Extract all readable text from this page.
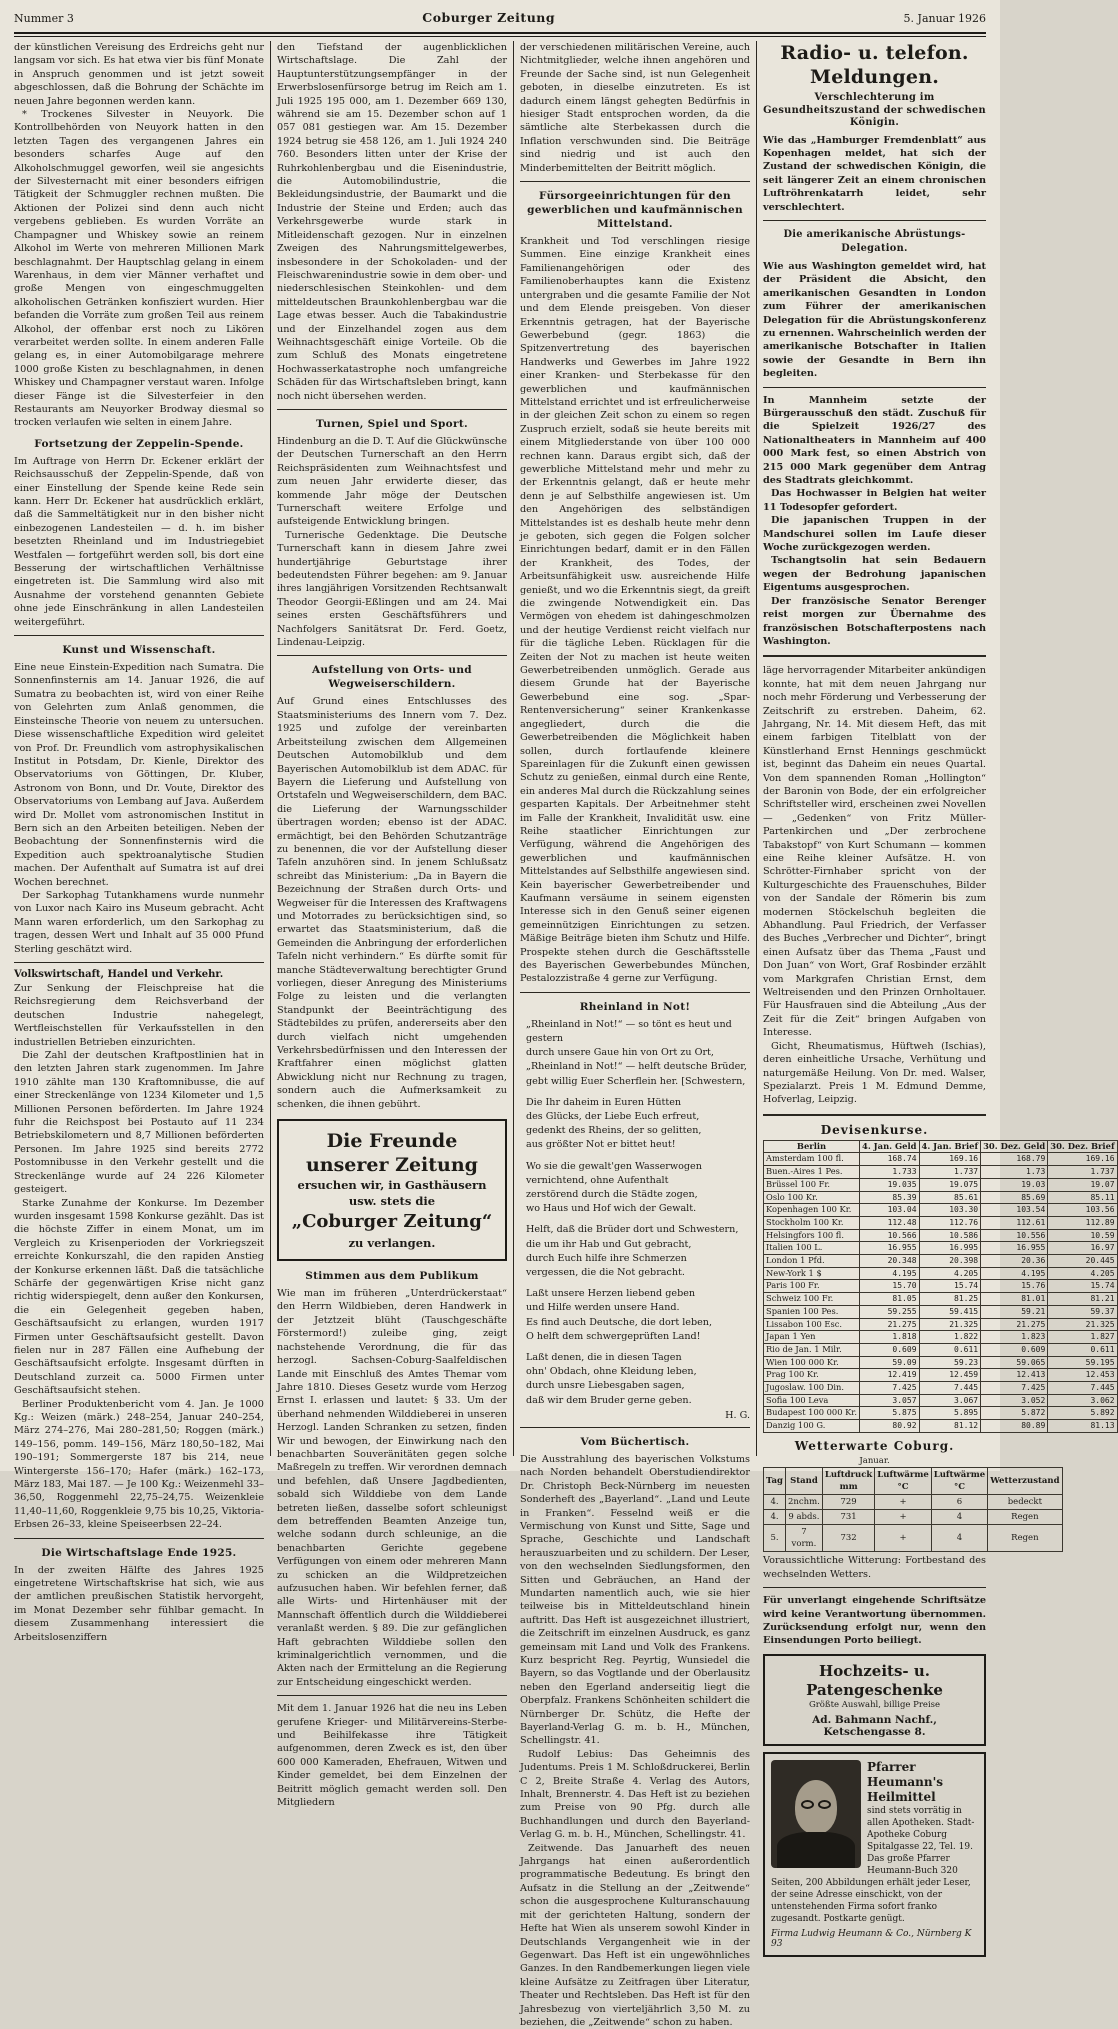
Nummer 3	Coburger Zeitung	5. Januar 1926

der künstlichen Vereisung des Erdreichs geht nur langsam vor sich. Es hat etwa vier bis fünf Monate in Anspruch genommen und ist jetzt soweit abgeschlossen, daß die Bohrung der Schächte im neuen Jahre begonnen werden kann.

* Trockenes Silvester in Neuyork. Die Kontrollbehörden von Neuyork hatten in den letzten Tagen des vergangenen Jahres ein besonders scharfes Auge auf den Alkoholschmuggel geworfen, weil sie angesichts der Silvesternacht mit einer besonders eifrigen Tätigkeit der Schmuggler rechnen mußten. Die Aktionen der Polizei sind denn auch nicht vergebens geblieben. Es wurden Vorräte an Champagner und Whiskey sowie an reinem Alkohol im Werte von mehreren Millionen Mark beschlagnahmt. Der Hauptschlag gelang in einem Warenhaus, in dem vier Männer verhaftet und große Mengen von eingeschmuggelten alkoholischen Getränken konfisziert wurden. Hier befanden die Vorräte zum großen Teil aus reinem Alkohol, der offenbar erst noch zu Likören verarbeitet werden sollte. In einem anderen Falle gelang es, in einer Automobilgarage mehrere 1000 große Kisten zu beschlagnahmen, in denen Whiskey und Champagner verstaut waren. Infolge dieser Fänge ist die Silvesterfeier in den Restaurants am Neuyorker Brodway diesmal so trocken verlaufen wie selten in einem Jahre.

Fortsetzung der Zeppelin-Spende.

Im Auftrage von Herrn Dr. Eckener erklärt der Reichsausschuß der Zeppelin-Spende, daß von einer Einstellung der Spende keine Rede sein kann. Herr Dr. Eckener hat ausdrücklich erklärt, daß die Sammeltätigkeit nur in den bisher nicht einbezogenen Landesteilen — d. h. im bisher besetzten Rheinland und im Industriegebiet Westfalen — fortgeführt werden soll, bis dort eine Besserung der wirtschaftlichen Verhältnisse eingetreten ist. Die Sammlung wird also mit Ausnahme der vorstehend genannten Gebiete ohne jede Einschränkung in allen Landesteilen weitergeführt.

Kunst und Wissenschaft.

Eine neue Einstein-Expedition nach Sumatra. Die Sonnenfinsternis am 14. Januar 1926, die auf Sumatra zu beobachten ist, wird von einer Reihe von Gelehrten zum Anlaß genommen, die Einsteinsche Theorie von neuem zu untersuchen. Diese wissenschaftliche Expedition wird geleitet von Prof. Dr. Freundlich vom astrophysikalischen Institut in Potsdam, Dr. Kienle, Direktor des Observatoriums von Göttingen, Dr. Kluber, Astronom von Bonn, und Dr. Voute, Direktor des Observatoriums von Lembang auf Java. Außerdem wird Dr. Mollet vom astronomischen Institut in Bern sich an den Arbeiten beteiligen. Neben der Beobachtung der Sonnenfinsternis wird die Expedition auch spektroanalytische Studien machen. Der Aufenthalt auf Sumatra ist auf drei Wochen berechnet.

Der Sarkophag Tutankhamens wurde nunmehr von Luxor nach Kairo ins Museum gebracht. Acht Mann waren erforderlich, um den Sarkophag zu tragen, dessen Wert und Inhalt auf 35 000 Pfund Sterling geschätzt wird.

Volkswirtschaft, Handel und Verkehr.

Zur Senkung der Fleischpreise hat die Reichsregierung dem Reichsverband der deutschen Industrie nahegelegt, Wertfleischstellen für Verkaufsstellen in den industriellen Betrieben einzurichten.

Die Zahl der deutschen Kraftpostlinien hat in den letzten Jahren stark zugenommen. Im Jahre 1910 zählte man 130 Kraftomnibusse, die auf einer Streckenlänge von 1234 Kilometer und 1,5 Millionen Personen beförderten. Im Jahre 1924 fuhr die Reichspost bei Postauto auf 11 234 Betriebskilometern und 8,7 Millionen beförderten Personen. Im Jahre 1925 sind bereits 2772 Postomnibusse in den Verkehr gestellt und die Streckenlänge wurde auf 24 226 Kilometer gesteigert.

Starke Zunahme der Konkurse. Im Dezember wurden insgesamt 1598 Konkurse gezählt. Das ist die höchste Ziffer in einem Monat, um im Vergleich zu Krisenperioden der Vorkriegszeit erreichte Konkurszahl, die den rapiden Anstieg der Konkurse erkennen läßt. Daß die tatsächliche Schärfe der gegenwärtigen Krise nicht ganz richtig widerspiegelt, denn außer den Konkursen, die ein Gelegenheit gegeben haben, Geschäftsaufsicht zu erlangen, wurden 1917 Firmen unter Geschäftsaufsicht gestellt. Davon fielen nur in 287 Fällen eine Aufhebung der Geschäftsaufsicht erfolgte. Insgesamt dürften in Deutschland zurzeit ca. 5000 Firmen unter Geschäftsaufsicht stehen.

Berliner Produktenbericht vom 4. Jan. Je 1000 Kg.: Weizen (märk.) 248–254, Januar 240–254, März 274–276, Mai 280–281,50; Roggen (märk.) 149–156, pomm. 149–156, März 180,50–182, Mai 190–191; Sommergerste 187 bis 214, neue Wintergerste 156–170; Hafer (märk.) 162–173, März 183, Mai 187. — Je 100 Kg.: Weizenmehl 33–36,50, Roggenmehl 22,75–24,75. Weizenkleie 11,40–11,60, Roggenkleie 9,75 bis 10,25, Viktoria-Erbsen 26–33, kleine Speiseerbsen 22–24.

Die Wirtschaftslage Ende 1925.

In der zweiten Hälfte des Jahres 1925 eingetretene Wirtschaftskrise hat sich, wie aus der amtlichen preußischen Statistik hervorgeht, im Monat Dezember sehr fühlbar gemacht. In diesem Zusammenhang interessiert die Arbeitslosenziffern

den Tiefstand der augenblicklichen Wirtschaftslage. Die Zahl der Hauptunterstützungsempfänger in der Erwerbslosenfürsorge betrug im Reich am 1. Juli 1925 195 000, am 1. Dezember 669 130, während sie am 15. Dezember schon auf 1 057 081 gestiegen war. Am 15. Dezember 1924 betrug sie 458 126, am 1. Juli 1924 240 760. Besonders litten unter der Krise der Ruhrkohlenbergbau und die Eisenindustrie, die Automobilindustrie, die Bekleidungsindustrie, der Baumarkt und die Industrie der Steine und Erden; auch das Verkehrsgewerbe wurde stark in Mitleidenschaft gezogen. Nur in einzelnen Zweigen des Nahrungsmittelgewerbes, insbesondere in der Schokoladen- und der Fleischwarenindustrie sowie in dem ober- und niederschlesischen Steinkohlen- und dem mitteldeutschen Braunkohlenbergbau war die Lage etwas besser. Auch die Tabakindustrie und der Einzelhandel zogen aus dem Weihnachtsgeschäft einige Vorteile. Ob die zum Schluß des Monats eingetretene Hochwasserkatastrophe noch umfangreiche Schäden für das Wirtschaftsleben bringt, kann noch nicht übersehen werden.

Turnen, Spiel und Sport.

Hindenburg an die D. T. Auf die Glückwünsche der Deutschen Turnerschaft an den Herrn Reichspräsidenten zum Weihnachtsfest und zum neuen Jahr erwiderte dieser, das kommende Jahr möge der Deutschen Turnerschaft weitere Erfolge und aufsteigende Entwicklung bringen.

Turnerische Gedenktage. Die Deutsche Turnerschaft kann in diesem Jahre zwei hundertjährige Geburtstage ihrer bedeutendsten Führer begehen: am 9. Januar ihres langjährigen Vorsitzenden Rechtsanwalt Theodor Georgii-Eßlingen und am 24. Mai seines ersten Geschäftsführers und Nachfolgers Sanitätsrat Dr. Ferd. Goetz, Lindenau-Leipzig.

Aufstellung von Orts- und Wegweiserschildern.

Auf Grund eines Entschlusses des Staatsministeriums des Innern vom 7. Dez. 1925 und zufolge der vereinbarten Arbeitsteilung zwischen dem Allgemeinen Deutschen Automobilklub und dem Bayerischen Automobilklub ist dem ADAC. für Bayern die Lieferung und Aufstellung von Ortstafeln und Wegweiserschildern, dem BAC. die Lieferung der Warnungsschilder übertragen worden; ebenso ist der ADAC. ermächtigt, bei den Behörden Schutzanträge zu benennen, die vor der Aufstellung dieser Tafeln anzuhören sind. In jenem Schlußsatz schreibt das Ministerium: „Da in Bayern die Bezeichnung der Straßen durch Orts- und Wegweiser für die Interessen des Kraftwagens und Motorrades zu berücksichtigen sind, so erwartet das Staatsministerium, daß die Gemeinden die Anbringung der erforderlichen Tafeln nicht verhindern.“ Es dürfte somit für manche Städteverwaltung berechtigter Grund vorliegen, dieser Anregung des Ministeriums Folge zu leisten und die verlangten Standpunkt der Beeinträchtigung des Städtebildes zu prüfen, andererseits aber den durch vielfach nicht umgehenden Verkehrsbedürfnissen und den Interessen der Kraftfahrer einen möglichst glatten Abwicklung nicht nur Rechnung zu tragen, sondern auch die Aufmerksamkeit zu schenken, die ihnen gebührt.

Die Freunde unserer Zeitung
ersuchen wir, in Gasthäusern usw. stets die
„Coburger Zeitung“
zu verlangen.
Stimmen aus dem Publikum

Wie man im früheren „Unterdrückerstaat“ den Herrn Wildbieben, deren Handwerk in der Jetztzeit blüht (Tauschgeschäfte Förstermord!) zuleibe ging, zeigt nachstehende Verordnung, die für das herzogl. Sachsen-Coburg-Saalfeldischen Lande mit Einschluß des Amtes Themar vom Jahre 1810. Dieses Gesetz wurde vom Herzog Ernst I. erlassen und lautet: § 33. Um der überhand nehmenden Wilddieberei in unseren Herzogl. Landen Schranken zu setzen, finden Wir und bewogen, der Einwirkung nach den benachbarten Souveränitäten gegen solche Maßregeln zu treffen. Wir verordnen demnach und befehlen, daß Unsere Jagdbedienten, sobald sich Wilddiebe von dem Lande betreten ließen, dasselbe sofort schleunigst dem betreffenden Beamten Anzeige tun, welche sodann durch schleunige, an die benachbarten Gerichte gegebene Verfügungen von einem oder mehreren Mann zu schicken an die Wildpretzeichen aufzusuchen haben. Wir befehlen ferner, daß alle Wirts- und Hirtenhäuser mit der Mannschaft öffentlich durch die Wilddieberei veranlaßt werden. § 89. Die zur gefänglichen Haft gebrachten Wilddiebe sollen den kriminalgerichtlich vernommen, und die Akten nach der Ermittelung an die Regierung zur Entscheidung eingeschickt werden.

Mit dem 1. Januar 1926 hat die neu ins Leben gerufene Krieger- und Militärvereins-Sterbe- und Beihilfekasse ihre Tätigkeit aufgenommen, deren Zweck es ist, den über 600 000 Kameraden, Ehefrauen, Witwen und Kinder gemeldet, bei dem Einzelnen der Beitritt möglich gemacht werden soll. Den Mitgliedern

der verschiedenen militärischen Vereine, auch Nichtmitglieder, welche ihnen angehören und Freunde der Sache sind, ist nun Gelegenheit geboten, in dieselbe einzutreten. Es ist dadurch einem längst gehegten Bedürfnis in hiesiger Stadt entsprochen worden, da die sämtliche alte Sterbekassen durch die Inflation verschwunden sind. Die Beiträge sind niedrig und ist auch den Minderbemittelten der Beitritt möglich.

Fürsorgeeinrichtungen für den gewerblichen und kaufmännischen Mittelstand.

Krankheit und Tod verschlingen riesige Summen. Eine einzige Krankheit eines Familienangehörigen oder des Familienoberhauptes kann die Existenz untergraben und die gesamte Familie der Not und dem Elende preisgeben. Von dieser Erkenntnis getragen, hat der Bayerische Gewerbebund (gegr. 1863) die Spitzenvertretung des bayerischen Handwerks und Gewerbes im Jahre 1922 einer Kranken- und Sterbekasse für den gewerblichen und kaufmännischen Mittelstand errichtet und ist erfreulicherweise in der gleichen Zeit schon zu einem so regen Zuspruch erzielt, sodaß sie heute bereits mit einem Mitgliederstande von über 100 000 rechnen kann. Daraus ergibt sich, daß der gewerbliche Mittelstand mehr und mehr zu der Erkenntnis gelangt, daß er heute mehr denn je auf Selbsthilfe angewiesen ist. Um den Angehörigen des selbständigen Mittelstandes ist es deshalb heute mehr denn je geboten, sich gegen die Folgen solcher Einrichtungen bedarf, damit er in den Fällen der Krankheit, des Todes, der Arbeitsunfähigkeit usw. ausreichende Hilfe genießt, und wo die Erkenntnis siegt, da greift die zwingende Notwendigkeit ein. Das Vermögen von ehedem ist dahingeschmolzen und der heutige Verdienst reicht vielfach nur für die tägliche Leben. Rücklagen für die Zeiten der Not zu machen ist heute weiten Gewerbetreibenden unmöglich. Gerade aus diesem Grunde hat der Bayerische Gewerbebund eine sog. „Spar-Rentenversicherung“ seiner Krankenkasse angegliedert, durch die die Gewerbetreibenden die Möglichkeit haben sollen, durch fortlaufende kleinere Spareinlagen für die Zukunft einen gewissen Schutz zu genießen, einmal durch eine Rente, ein anderes Mal durch die Rückzahlung seines gesparten Kapitals. Der Arbeitnehmer steht im Falle der Krankheit, Invalidität usw. eine Reihe staatlicher Einrichtungen zur Verfügung, während die Angehörigen des gewerblichen und kaufmännischen Mittelstandes auf Selbsthilfe angewiesen sind. Kein bayerischer Gewerbetreibender und Kaufmann versäume in seinem eigensten Interesse sich in den Genuß seiner eigenen gemeinnützigen Einrichtungen zu setzen. Mäßige Beiträge bieten ihm Schutz und Hilfe. Prospekte stehen durch die Geschäftsstelle des Bayerischen Gewerbebundes München, Pestalozzistraße 4 gerne zur Verfügung.

Rheinland in Not!
„Rheinland in Not!“ — so tönt es heut und gestern
durch unsere Gaue hin von Ort zu Ort,
„Rheinland in Not!“ — helft deutsche Brüder,
gebt willig Euer Scherflein her. [Schwestern,
Die Ihr daheim in Euren Hütten
des Glücks, der Liebe Euch erfreut,
gedenkt des Rheins, der so gelitten,
aus größter Not er bittet heut!
Wo sie die gewalt'gen Wasserwogen
vernichtend, ohne Aufenthalt
zerstörend durch die Städte zogen,
wo Haus und Hof wich der Gewalt.
Helft, daß die Brüder dort und Schwestern,
die um ihr Hab und Gut gebracht,
durch Euch hilfe ihre Schmerzen
vergessen, die die Not gebracht.
Laßt unsere Herzen liebend geben
und Hilfe werden unsere Hand.
Es find auch Deutsche, die dort leben,
O helft dem schwergeprüften Land!
Laßt denen, die in diesen Tagen
ohn' Obdach, ohne Kleidung leben,
durch unsre Liebesgaben sagen,
daß wir dem Bruder gerne geben.
H. G.
Vom Büchertisch.

Die Ausstrahlung des bayerischen Volkstums nach Norden behandelt Oberstudiendirektor Dr. Christoph Beck-Nürnberg im neuesten Sonderheft des „Bayerland“. „Land und Leute in Franken“. Fesselnd weiß er die Vermischung von Kunst und Sitte, Sage und Sprache, Geschichte und Landschaft herauszuarbeiten und zu schildern. Der Leser, von den wechselnden Siedlungsformen, den Sitten und Gebräuchen, an Hand der Mundarten namentlich auch, wie sie hier teilweise bis in Mitteldeutschland hinein auftritt. Das Heft ist ausgezeichnet illustriert, die Zeitschrift im einzelnen Ausdruck, es ganz gemeinsam mit Land und Volk des Frankens. Kurz bespricht Reg. Peyrtig, Wunsiedel die Bayern, so das Vogtlande und der Oberlausitz neben den Egerland anderseitig liegt die Oberpfalz. Frankens Schönheiten schildert die Nürnberger Dr. Schütz, die Hefte der Bayerland-Verlag G. m. b. H., München, Schellingstr. 41.

Rudolf Lebius: Das Geheimnis des Judentums. Preis 1 M. Schloßdruckerei, Berlin C 2, Breite Straße 4. Verlag des Autors, Inhalt, Brennerstr. 4. Das Heft ist zu beziehen zum Preise von 90 Pfg. durch alle Buchhandlungen und durch den Bayerland-Verlag G. m. b. H., München, Schellingstr. 41.

Zeitwende. Das Januarheft des neuen Jahrgangs hat einen außerordentlich programmatische Bedeutung. Es bringt den Aufsatz in die Stellung an der „Zeitwende“ schon die ausgesprochene Kulturanschauung mit der gerichteten Haltung, sondern der Hefte hat Wien als unserem sowohl Kinder in Deutschlands Vergangenheit wie in der Gegenwart. Das Heft ist ein ungewöhnliches Ganzes. In den Randbemerkungen liegen viele kleine Aufsätze zu Zeitfragen über Literatur, Theater und Rechtsleben. Das Heft ist für den Jahresbezug von vierteljährlich 3,50 M. zu beziehen, die „Zeitwende“ schon zu haben.

Radio- u. telefon. Meldungen.
Verschlechterung im Gesundheitszustand der schwedischen Königin.

Wie das „Hamburger Fremdenblatt“ aus Kopenhagen meldet, hat sich der Zustand der schwedischen Königin, die seit längerer Zeit an einem chronischen Luftröhrenkatarrh leidet, sehr verschlechtert.

Die amerikanische Abrüstungs-Delegation.

Wie aus Washington gemeldet wird, hat der Präsident die Absicht, den amerikanischen Gesandten in London zum Führer der amerikanischen Delegation für die Abrüstungskonferenz zu ernennen. Wahrscheinlich werden der amerikanische Botschafter in Italien sowie der Gesandte in Bern ihn begleiten.

In Mannheim setzte der Bürgerausschuß den städt. Zuschuß für die Spielzeit 1926/27 des Nationaltheaters in Mannheim auf 400 000 Mark fest, so einen Abstrich von 215 000 Mark gegenüber dem Antrag des Stadtrats gleichkommt.

Das Hochwasser in Belgien hat weiter 11 Todesopfer gefordert.

Die japanischen Truppen in der Mandschurei sollen im Laufe dieser Woche zurückgezogen werden.

Tschangtsolin hat sein Bedauern wegen der Bedrohung japanischen Eigentums ausgesprochen.

Der französische Senator Berenger reist morgen zur Übernahme des französischen Botschafterpostens nach Washington.

läge hervorragender Mitarbeiter ankündigen konnte, hat mit dem neuen Jahrgang nur noch mehr Förderung und Verbesserung der Zeitschrift zu erstreben. Daheim, 62. Jahrgang, Nr. 14. Mit diesem Heft, das mit einem farbigen Titelblatt von der Künstlerhand Ernst Hennings geschmückt ist, beginnt das Daheim ein neues Quartal. Von dem spannenden Roman „Hollington“ der Baronin von Bode, der ein erfolgreicher Schriftsteller wird, erscheinen zwei Novellen — „Gedenken“ von Fritz Müller-Partenkirchen und „Der zerbrochene Tabakstopf“ von Kurt Schumann — kommen eine Reihe kleiner Aufsätze. H. von Schrötter-Firnhaber spricht von der Kulturgeschichte des Frauenschuhes, Bilder von der Sandale der Römerin bis zum modernen Stöckelschuh begleiten die Abhandlung. Paul Friedrich, der Verfasser des Buches „Verbrecher und Dichter“, bringt einen Aufsatz über das Thema „Faust und Don Juan“ von Wort, Graf Rosbinder erzählt vom Markgrafen Christian Ernst, dem Weltreisenden und den Prinzen Ornholtauer. Für Hausfrauen sind die Abteilung „Aus der Zeit für die Zeit“ bringen Aufgaben von Interesse.

Gicht, Rheumatismus, Hüftweh (Ischias), deren einheitliche Ursache, Verhütung und naturgemäße Heilung. Von Dr. med. Walser, Spezialarzt. Preis 1 M. Edmund Demme, Hofverlag, Leipzig.

Devisenkurse.
Berlin	4. Jan. Geld	4. Jan. Brief	30. Dez. Geld	30. Dez. Brief
Amsterdam 100 fl.	168.74	169.16	168.79	169.16
Buen.-Aires 1 Pes.	1.733	1.737	1.73	1.737
Brüssel 100 Fr.	19.035	19.075	19.03	19.07
Oslo 100 Kr.	85.39	85.61	85.69	85.11
Kopenhagen 100 Kr.	103.04	103.30	103.54	103.56
Stockholm 100 Kr.	112.48	112.76	112.61	112.89
Helsingfors 100 fl.	10.566	10.586	10.556	10.59
Italien 100 L.	16.955	16.995	16.955	16.97
London 1 Pfd.	20.348	20.398	20.36	20.445
New-York 1 $	4.195	4.205	4.195	4.205
Paris 100 Fr.	15.70	15.74	15.76	15.74
Schweiz 100 Fr.	81.05	81.25	81.01	81.21
Spanien 100 Pes.	59.255	59.415	59.21	59.37
Lissabon 100 Esc.	21.275	21.325	21.275	21.325
Japan 1 Yen	1.818	1.822	1.823	1.827
Rio de Jan. 1 Milr.	0.609	0.611	0.609	0.611
Wien 100 000 Kr.	59.09	59.23	59.065	59.195
Prag 100 Kr.	12.419	12.459	12.413	12.453
Jugoslaw. 100 Din.	7.425	7.445	7.425	7.445
Sofia 100 Leva	3.057	3.067	3.052	3.062
Budapest 100 000 Kr.	5.875	5.895	5.872	5.892
Danzig 100 G.	80.92	81.12	80.89	81.13
Wetterwarte Coburg.
Januar.
Tag	Stand	Luftdruck mm	Luftwärme °C	Luftwärme °C	Wetterzustand
4.	2nchm.	729	+	6	bedeckt
4.	9 abds.	731	+	4	Regen
5.	7 vorm.	732	+	4	Regen

Voraussichtliche Witterung: Fortbestand des wechselnden Wetters.

Für unverlangt eingehende Schriftsätze wird keine Verantwortung übernommen. Zurücksendung erfolgt nur, wenn den Einsendungen Porto beiliegt.

Hochzeits- u. Patengeschenke
Größte Auswahl, billige Preise
Ad. Bahmann Nachf., Ketschengasse 8.
Pfarrer Heumann's Heilmittel
sind stets vorrätig in allen Apotheken. Stadt-Apotheke Coburg Spitalgasse 22, Tel. 19. Das große Pfarrer Heumann-Buch 320 Seiten, 200 Abbildungen erhält jeder Leser, der seine Adresse einschickt, von der untenstehenden Firma sofort franko zugesandt. Postkarte genügt.
Firma Ludwig Heumann & Co., Nürnberg K 93
